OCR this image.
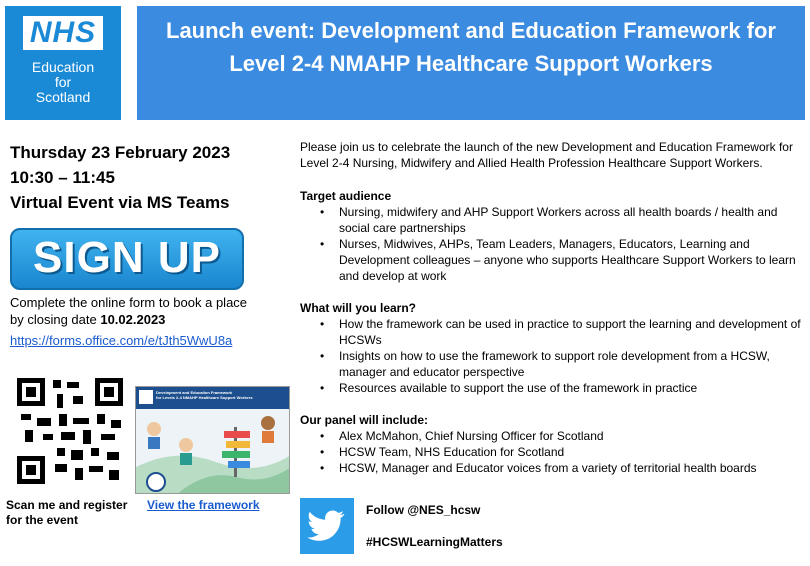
NHS
Education
for
Scotland
Launch event: Development and Education Framework for
Level 2-4 NMAHP Healthcare Support Workers
Thursday 23 February 2023
10:30 – 11:45
Virtual Event via MS Teams
SIGN UP
Complete the online form to book a place by closing date 10.02.2023
https://forms.office.com/e/tJth5WwU8a
Scan me and register
for the event
Development and Education Framework
for Levels 2-4 NMAHP Healthcare Support Workers
View the framework

Please join us to celebrate the launch of the new Development and Education Framework for Level 2-4 Nursing, Midwifery and Allied Health Profession Healthcare Support Workers.

Target audience
• Nursing, midwifery and AHP Support Workers across all health boards / health and social care partnerships
• Nurses, Midwives, AHPs, Team Leaders, Managers, Educators, Learning and Development colleagues – anyone who supports Healthcare Support Workers to learn and develop at work
What will you learn?
• How the framework can be used in practice to support the learning and development of HCSWs
• Insights on how to use the framework to support role development from a HCSW, manager and educator perspective
• Resources available to support the use of the framework in practice
Our panel will include:
• Alex McMahon, Chief Nursing Officer for Scotland
• HCSW Team, NHS Education for Scotland
• HCSW, Manager and Educator voices from a variety of territorial health boards
Follow @NES_hcsw
#HCSWLearningMatters
